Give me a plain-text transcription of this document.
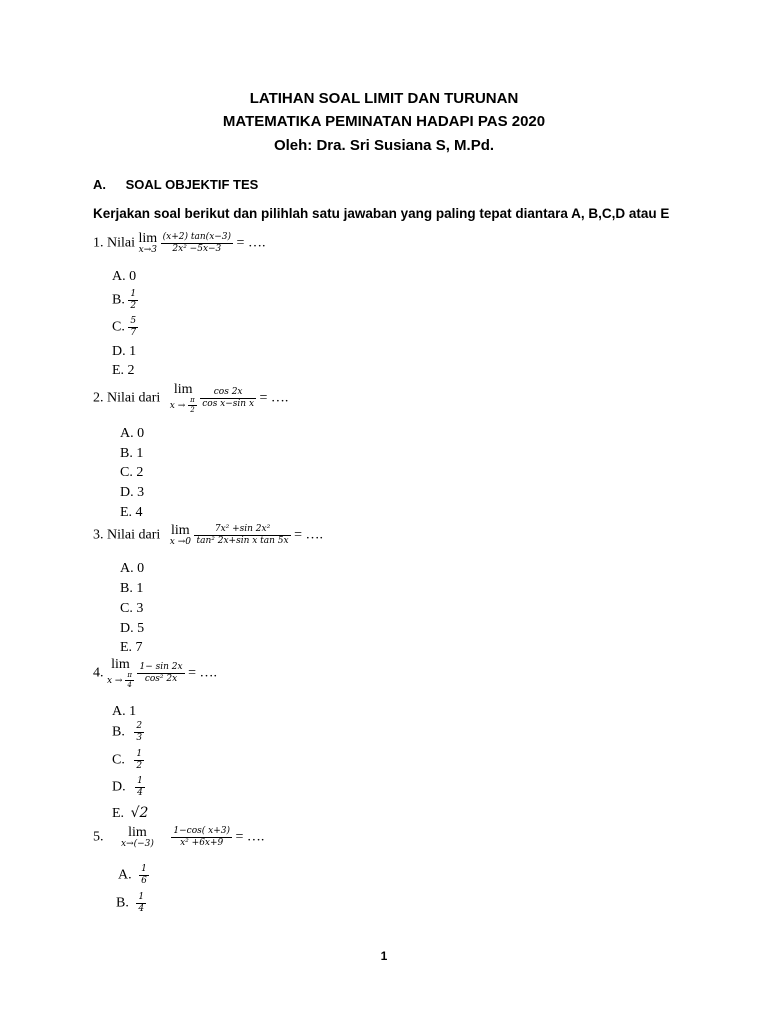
LATIHAN SOAL LIMIT DAN TURUNAN
MATEMATIKA PEMINATAN HADAPI PAS 2020
Oleh: Dra. Sri Susiana S, M.Pd.
A. SOAL OBJEKTIF TES
Kerjakan soal berikut dan pilihlah satu jawaban yang paling tepat diantara A, B,C,D atau E
1. Nilai lim
x→3
$\frac{(x+2) \tan(x-3)}{\text{2x² −5x−3}}$ = ….
A. 0
B. $\frac{1}{2}$
C. $\frac{5}{7}$
D. 1
E. 2
2. Nilai dari
lim
$x \to \frac{\pi}{2}$
$\frac{\cos 2x}{\text{cos x−sin x}}$ = ….
A. 0
B. 1
C. 2
D. 3
E. 4
3. Nilai dari lim
x →0
$\frac{\text{7x² +sin 2x²}}{\text{tan² 2x+sin x tan 5x}}$ = ….
A. 0
B. 1
C. 3
D. 5
E. 7
4.
lim
$x \to \frac{\pi}{4}$
$\frac{1- \sin 2x}{\text{cos² 2x}}$ = ….
A. 1
B. $\frac{2}{3}$
C. $\frac{1}{2}$
D. $\frac{1}{4}$
E. √2
5.	lim
x→(−3)
$\frac{1-\cos( x+3)}{\text{x² +6x+9}}$ = ….
A. $\frac{1}{6}$
B. $\frac{1}{4}$
1
